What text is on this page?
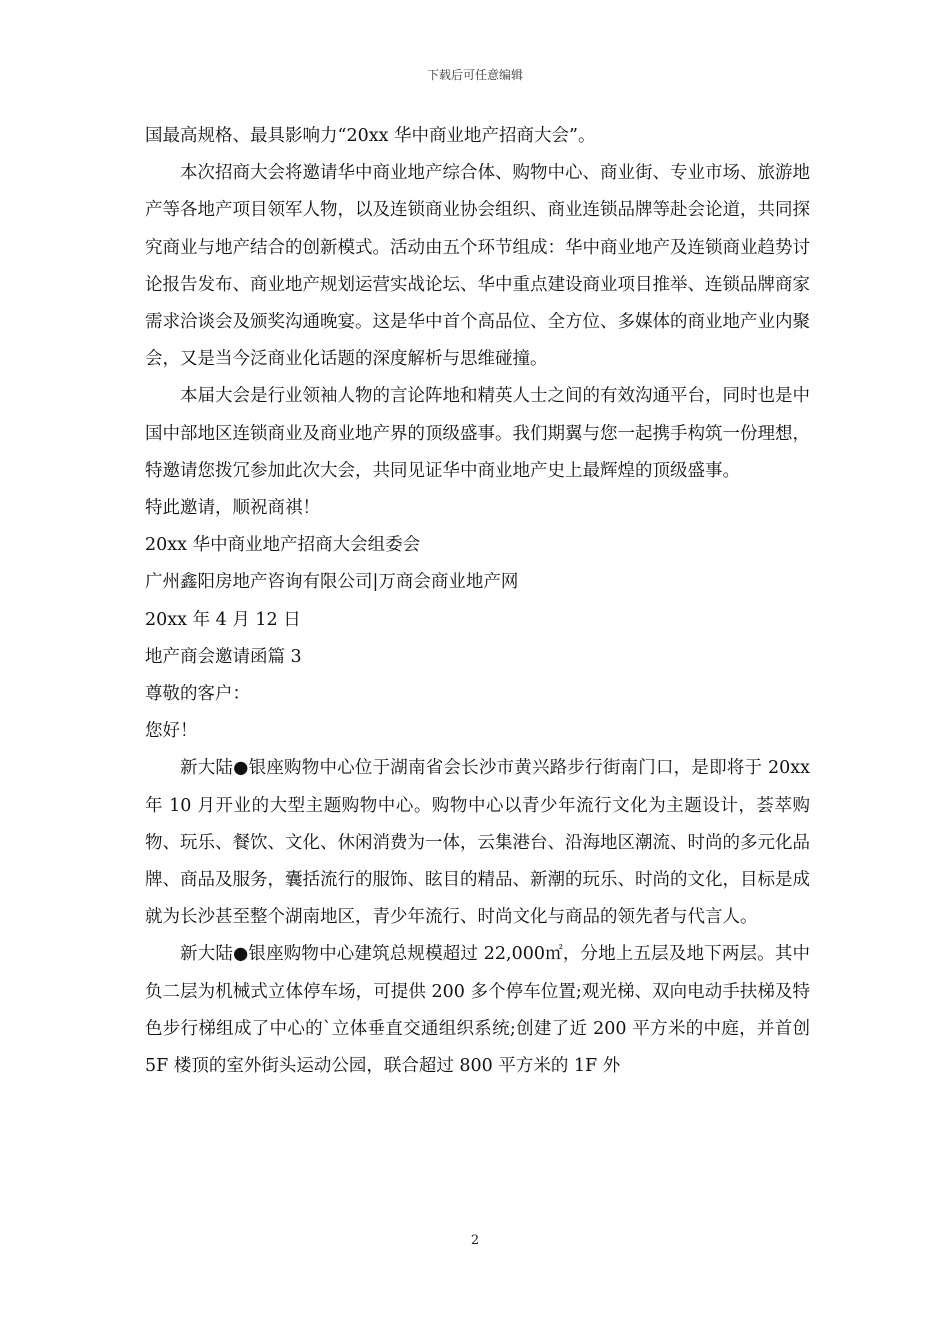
下载后可任意编辑

国最高规格、最具影响力“20xx 华中商业地产招商大会”。

本次招商大会将邀请华中商业地产综合体、购物中心、商业街、专业市场、旅游地产等各地产项目领军人物，以及连锁商业协会组织、商业连锁品牌等赴会论道，共同探究商业与地产结合的创新模式。活动由五个环节组成：华中商业地产及连锁商业趋势讨论报告发布、商业地产规划运营实战论坛、华中重点建设商业项目推举、连锁品牌商家需求洽谈会及颁奖沟通晚宴。这是华中首个高品位、全方位、多媒体的商业地产业内聚会，又是当今泛商业化话题的深度解析与思维碰撞。

本届大会是行业领袖人物的言论阵地和精英人士之间的有效沟通平台，同时也是中国中部地区连锁商业及商业地产界的顶级盛事。我们期翼与您一起携手构筑一份理想，特邀请您拨冗参加此次大会，共同见证华中商业地产史上最辉煌的顶级盛事。

特此邀请，顺祝商祺！

20xx 华中商业地产招商大会组委会

广州鑫阳房地产咨询有限公司|万商会商业地产网

20xx 年 4 月 12 日

地产商会邀请函篇 3

尊敬的客户：

您好！

新大陆●银座购物中心位于湖南省会长沙市黄兴路步行街南门口，是即将于 20xx 年 10 月开业的大型主题购物中心。购物中心以青少年流行文化为主题设计，荟萃购物、玩乐、餐饮、文化、休闲消费为一体，云集港台、沿海地区潮流、时尚的多元化品牌、商品及服务，囊括流行的服饰、眩目的精品、新潮的玩乐、时尚的文化，目标是成就为长沙甚至整个湖南地区，青少年流行、时尚文化与商品的领先者与代言人。

新大陆●银座购物中心建筑总规模超过 22,000㎡，分地上五层及地下两层。其中负二层为机械式立体停车场，可提供 200 多个停车位置;观光梯、双向电动手扶梯及特色步行梯组成了中心的`立体垂直交通组织系统;创建了近 200 平方米的中庭，并首创 5F 楼顶的室外街头运动公园，联合超过 800 平方米的 1F 外

2
